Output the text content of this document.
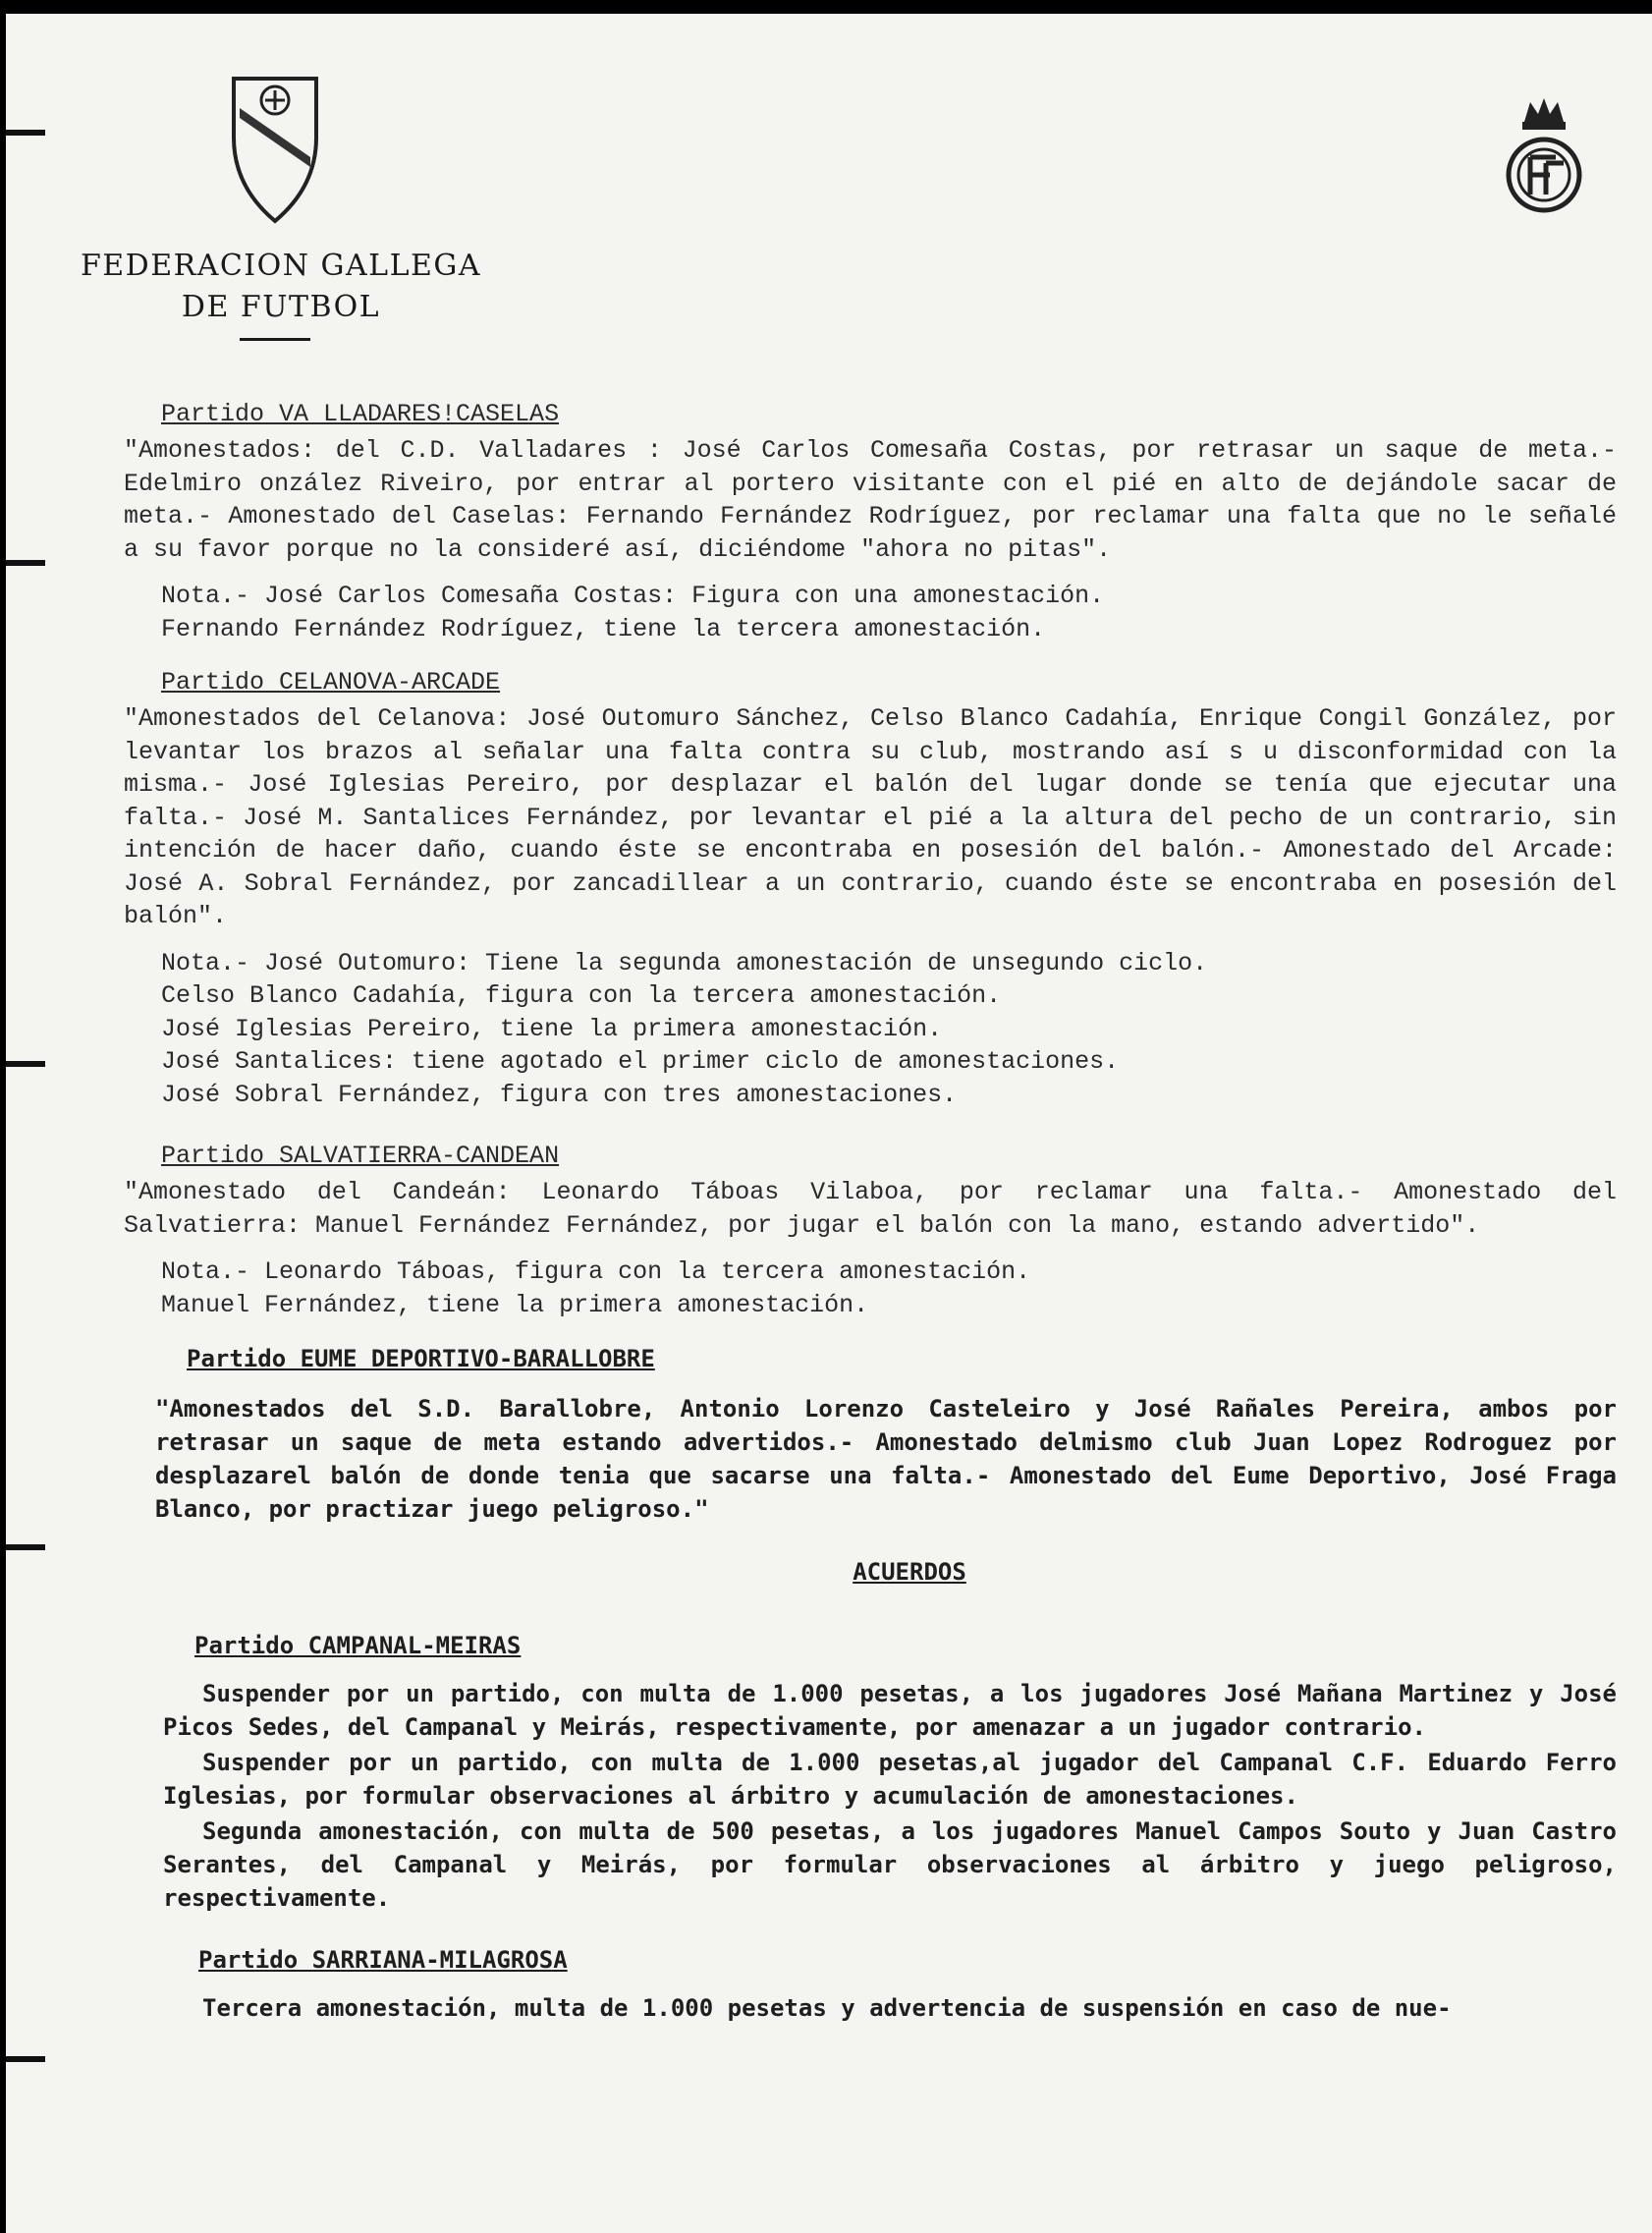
FEDERACION GALLEGA
DE FUTBOL
Partido VA LLADARES!CASELAS

"Amonestados: del C.D. Valladares : José Carlos Comesaña Costas, por retrasar un saque de meta.- Edelmiro onzález Riveiro, por entrar al portero visitante con el pié en alto de dejándole sacar de meta.- Amonestado del Caselas: Fernando Fernández Rodríguez, por reclamar una falta que no le señalé a su favor porque no la consideré así, diciéndome "ahora no pitas".

Nota.- José Carlos Comesaña Costas: Figura con una amonestación.
Fernando Fernández Rodríguez, tiene la tercera amonestación.
Partido CELANOVA-ARCADE

"Amonestados del Celanova: José Outomuro Sánchez, Celso Blanco Cadahía, Enrique Congil González, por levantar los brazos al señalar una falta contra su club, mostrando así s u disconformidad con la misma.- José Iglesias Pereiro, por desplazar el balón del lugar donde se tenía que ejecutar una falta.- José M. Santalices Fernández, por levantar el pié a la altura del pecho de un contrario, sin intención de hacer daño, cuando éste se encontraba en posesión del balón.- Amonestado del Arcade: José A. Sobral Fernández, por zancadillear a un contrario, cuando éste se encontraba en posesión del balón".

Nota.- José Outomuro: Tiene la segunda amonestación de unsegundo ciclo.
Celso Blanco Cadahía, figura con la tercera amonestación.
José Iglesias Pereiro, tiene la primera amonestación.
José Santalices: tiene agotado el primer ciclo de amonestaciones.
José Sobral Fernández, figura con tres amonestaciones.
Partido SALVATIERRA-CANDEAN

"Amonestado del Candeán: Leonardo Táboas Vilaboa, por reclamar una falta.- Amonestado del Salvatierra: Manuel Fernández Fernández, por jugar el balón con la mano, estando advertido".

Nota.- Leonardo Táboas, figura con la tercera amonestación.
Manuel Fernández, tiene la primera amonestación.
Partido EUME DEPORTIVO-BARALLOBRE

"Amonestados del S.D. Barallobre, Antonio Lorenzo Casteleiro y José Rañales Pereira, ambos por retrasar un saque de meta estando advertidos.- Amonestado delmismo club Juan Lopez Rodroguez por desplazarel balón de donde tenia que sacarse una falta.- Amonestado del Eume Deportivo, José Fraga Blanco, por practizar juego peligroso."

ACUERDOS
Partido CAMPANAL-MEIRAS

Suspender por un partido, con multa de 1.000 pesetas, a los jugadores José Mañana Martinez y José Picos Sedes, del Campanal y Meirás, respectivamente, por amenazar a un jugador contrario.

Suspender por un partido, con multa de 1.000 pesetas,al jugador del Campanal C.F. Eduardo Ferro Iglesias, por formular observaciones al árbitro y acumulación de amonestaciones.

Segunda amonestación, con multa de 500 pesetas, a los jugadores Manuel Campos Souto y Juan Castro Serantes, del Campanal y Meirás, por formular observaciones al árbitro y juego peligroso, respectivamente.

Partido SARRIANA-MILAGROSA

Tercera amonestación, multa de 1.000 pesetas y advertencia de suspensión en caso de nue-
